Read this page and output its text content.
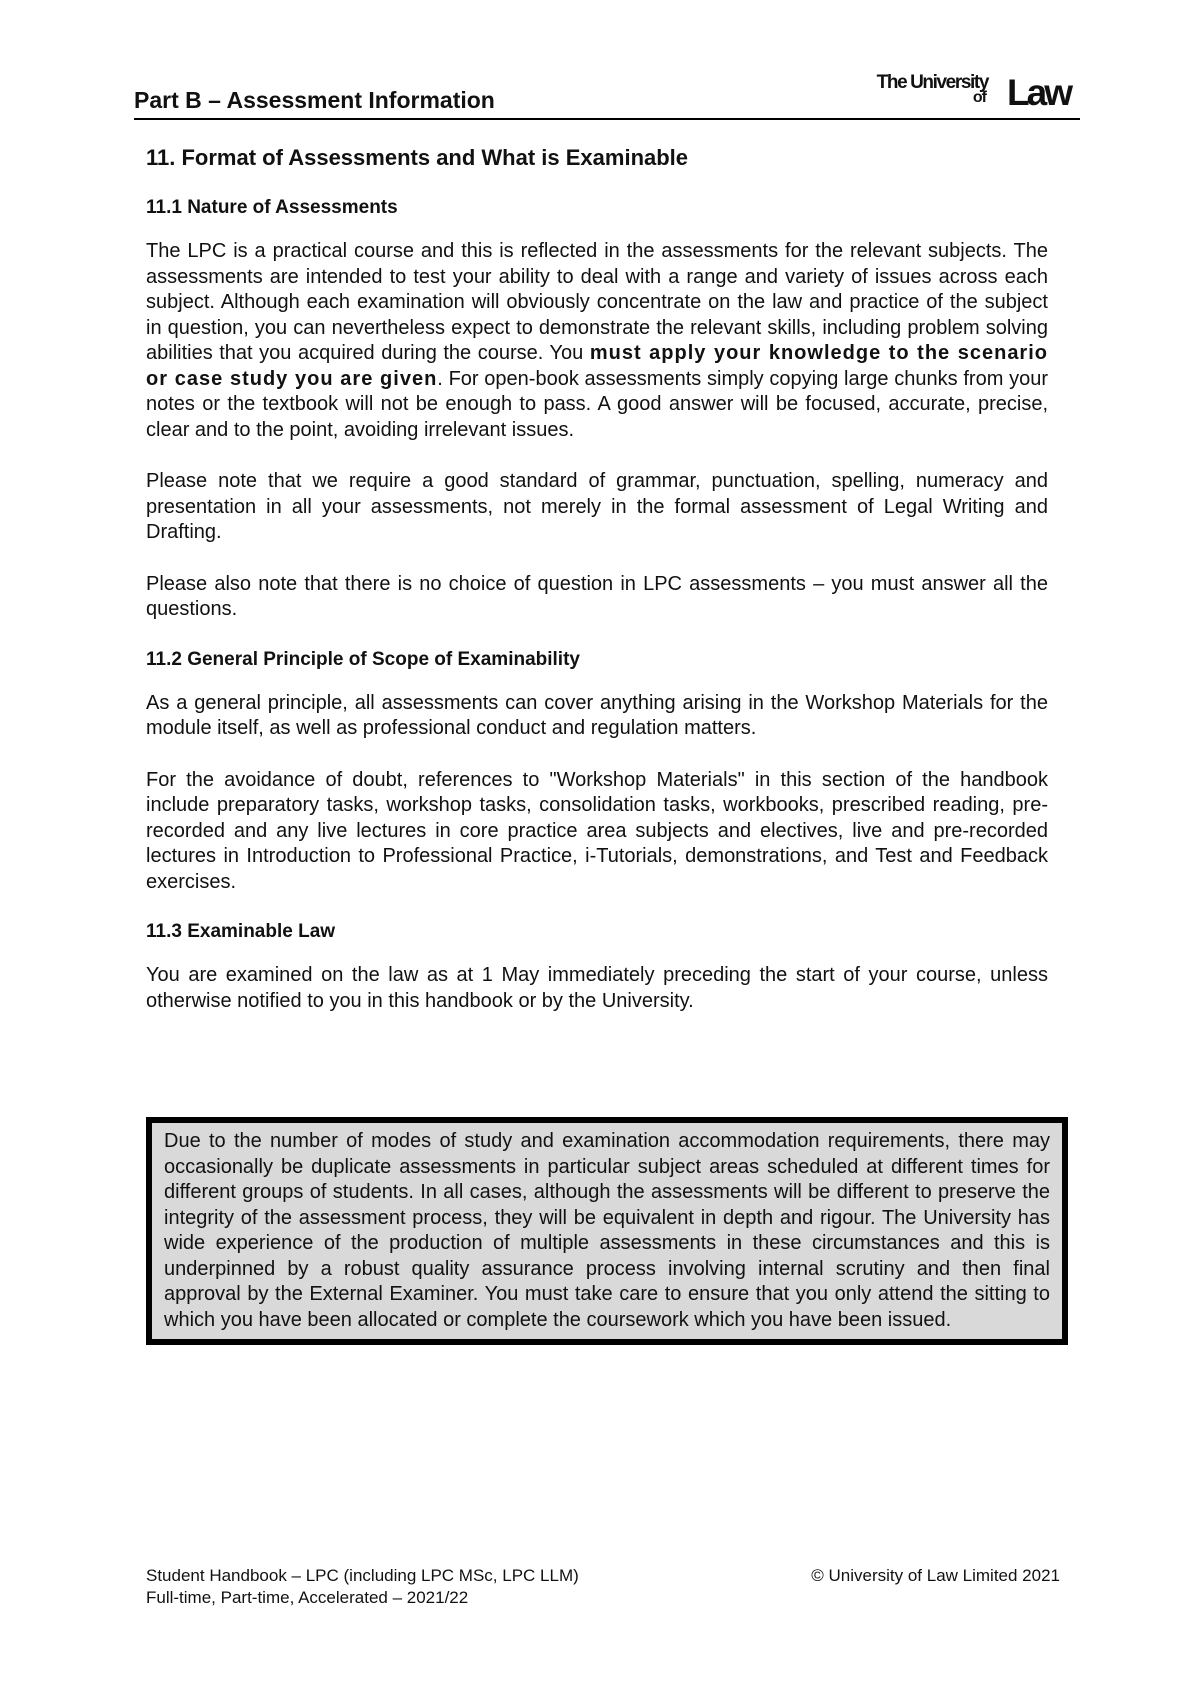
Part B – Assessment Information
The University
of Law
11. Format of Assessments and What is Examinable
11.1 Nature of Assessments

The LPC is a practical course and this is reflected in the assessments for the relevant subjects. The assessments are intended to test your ability to deal with a range and variety of issues across each subject. Although each examination will obviously concentrate on the law and practice of the subject in question, you can nevertheless expect to demonstrate the relevant skills, including problem solving abilities that you acquired during the course. You must apply your knowledge to the scenario or case study you are given. For open-book assessments simply copying large chunks from your notes or the textbook will not be enough to pass. A good answer will be focused, accurate, precise, clear and to the point, avoiding irrelevant issues.

Please note that we require a good standard of grammar, punctuation, spelling, numeracy and presentation in all your assessments, not merely in the formal assessment of Legal Writing and Drafting.

Please also note that there is no choice of question in LPC assessments – you must answer all the questions.

11.2 General Principle of Scope of Examinability

As a general principle, all assessments can cover anything arising in the Workshop Materials for the module itself, as well as professional conduct and regulation matters.

For the avoidance of doubt, references to "Workshop Materials" in this section of the handbook include preparatory tasks, workshop tasks, consolidation tasks, workbooks, prescribed reading, pre-recorded and any live lectures in core practice area subjects and electives, live and pre-recorded lectures in Introduction to Professional Practice, i-Tutorials, demonstrations, and Test and Feedback exercises.

11.3 Examinable Law

You are examined on the law as at 1 May immediately preceding the start of your course, unless otherwise notified to you in this handbook or by the University.

Due to the number of modes of study and examination accommodation requirements, there may occasionally be duplicate assessments in particular subject areas scheduled at different times for different groups of students. In all cases, although the assessments will be different to preserve the integrity of the assessment process, they will be equivalent in depth and rigour. The University has wide experience of the production of multiple assessments in these circumstances and this is underpinned by a robust quality assurance process involving internal scrutiny and then final approval by the External Examiner. You must take care to ensure that you only attend the sitting to which you have been allocated or complete the coursework which you have been issued.

Student Handbook – LPC (including LPC MSc, LPC LLM)
Full-time, Part-time, Accelerated – 2021/22
© University of Law Limited 2021
